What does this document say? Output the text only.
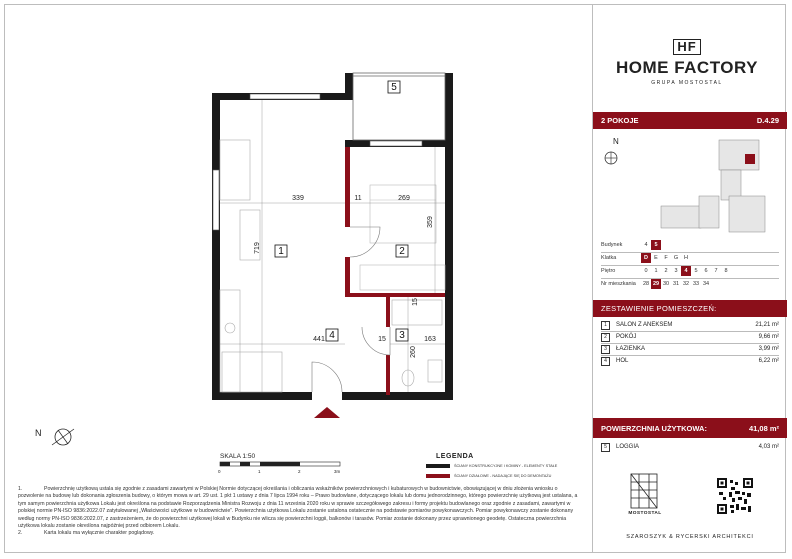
1	2
3
4
5
339	11	269
359
719
441	15	163
15
260
N
SKALA 1:50
0	1	2	3m
LEGENDA
ŚCIANY KONSTRUKCYJNE I KOMINY - ELEMENTY STAŁE
ŚCIANY DZIAŁOWE - NADAJĄCE SIĘ DO DEMONTAŻU
1.	Powierzchnię użytkową ustala się zgodnie z zasadami zawartymi w Polskiej Normie dotyczącej określania i obliczania wskaźników powierzchniowych i kubaturowych w budownictwie, obowiązującej w dniu złożenia wniosku o pozwolenie na budowę lub dokonania zgłoszenia budowy, o którym mowa w art. 29 ust. 1 pkt 1 ustawy z dnia 7 lipca 1994 roku – Prawo budowlane, dotyczącego lokalu lub domu jednorodzinnego, którego powierzchnię użytkową jest ustalana, a tym samym powierzchnia użytkowa Lokalu jest określona na podstawie Rozporządzenia Ministra Rozwoju z dnia 11 września 2020 roku w sprawie szczegółowego zakresu i formy projektu budowlanego oraz zgodnie z zasadami, zawartymi w polskiej normie PN-ISO 9836:2022.07 zatytułowanej „Właściwości użytkowe w budownictwie”. Powierzchnia użytkowa Lokalu zostanie ustalona ostatecznie na podstawie pomiarów powykonawczych. Pomiar powykonawczy zostanie dokonany według normy PN-ISO 9836:2022.07, z zastrzeżeniem, że do powierzchni użytkowej lokali w Budynku nie wlicza się powierzchni loggii, balkonów i tarasów. Pomiar zostanie dokonany przez uprawnionego geodetę. Ostateczna powierzchnia użytkowa lokalu zostanie określona najpóźniej przed odbiorem Lokalu.
2.	Karta lokalu ma wyłącznie charakter poglądowy.
HF
HOME FACTORY
GRUPA MOSTOSTAL
2 POKOJE	D.4.29
N
Budynek	4	5
Klatka	D	E	F	G	H
Piętro	0	1	2	3	4	5	6	7	8
Nr mieszkania	28 29 30 31 32 33 34
ZESTAWIENIE POMIESZCZEŃ:
1	SALON Z ANEKSEM	21,21 m²
2	POKÓJ	9,66 m²
3	ŁAZIENKA	3,99 m²
4	HOL	6,22 m²
POWIERZCHNIA UŻYTKOWA:	41,08 m²
5	LOGGIA	4,03 m²
MOSTOSTAL
SZAROSZYK & RYCERSKI ARCHITEKCI
